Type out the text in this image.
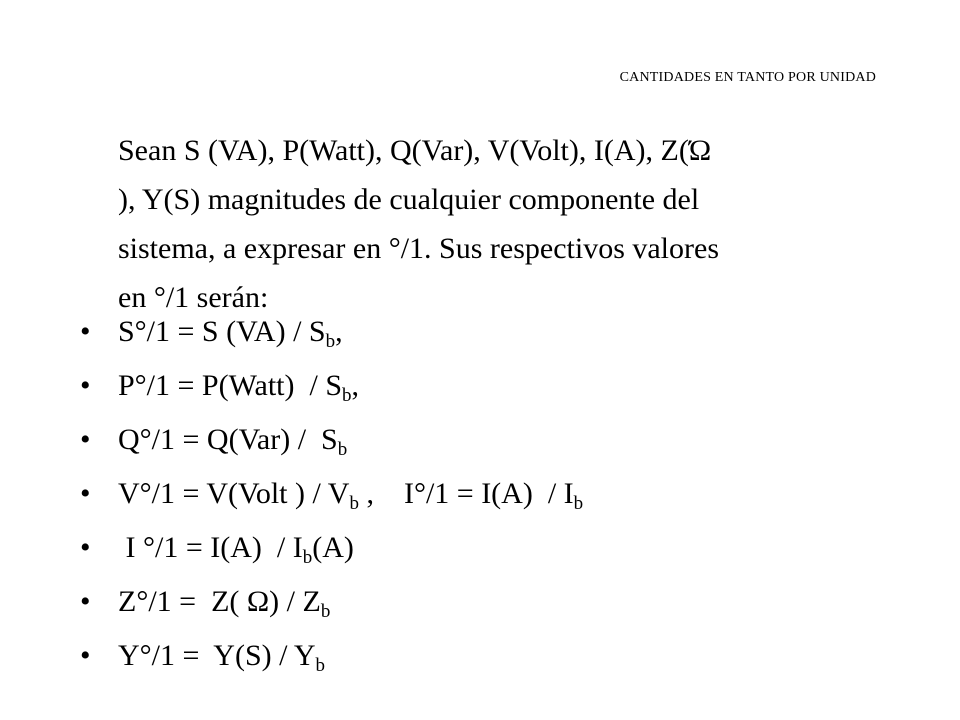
CANTIDADES EN TANTO POR UNIDAD
Sean S (VA), P(Watt), Q(Var), V(Volt), I(A), Z(Ώ
), Y(S) magnitudes de cualquier componente del
sistema, a expresar en °/1. Sus respectivos valores
en °/1 serán:
• S°/1 = S $(VA) / S_b$,
• P°/1 = P(Watt)  / $S_b$,
• $Q^\circ/1 = Q(Var) / S_b$
• V°/1 = V(Volt ) / $V_b$ ,    $I^\circ/1 = I(A) / I_b$
• I $^\circ/1 = I(A) / I_b(A)$
• Z°/1 =  Z( $\Omega) / Z_b$
• $Y^\circ/1 = Y(S) / Y_b$
